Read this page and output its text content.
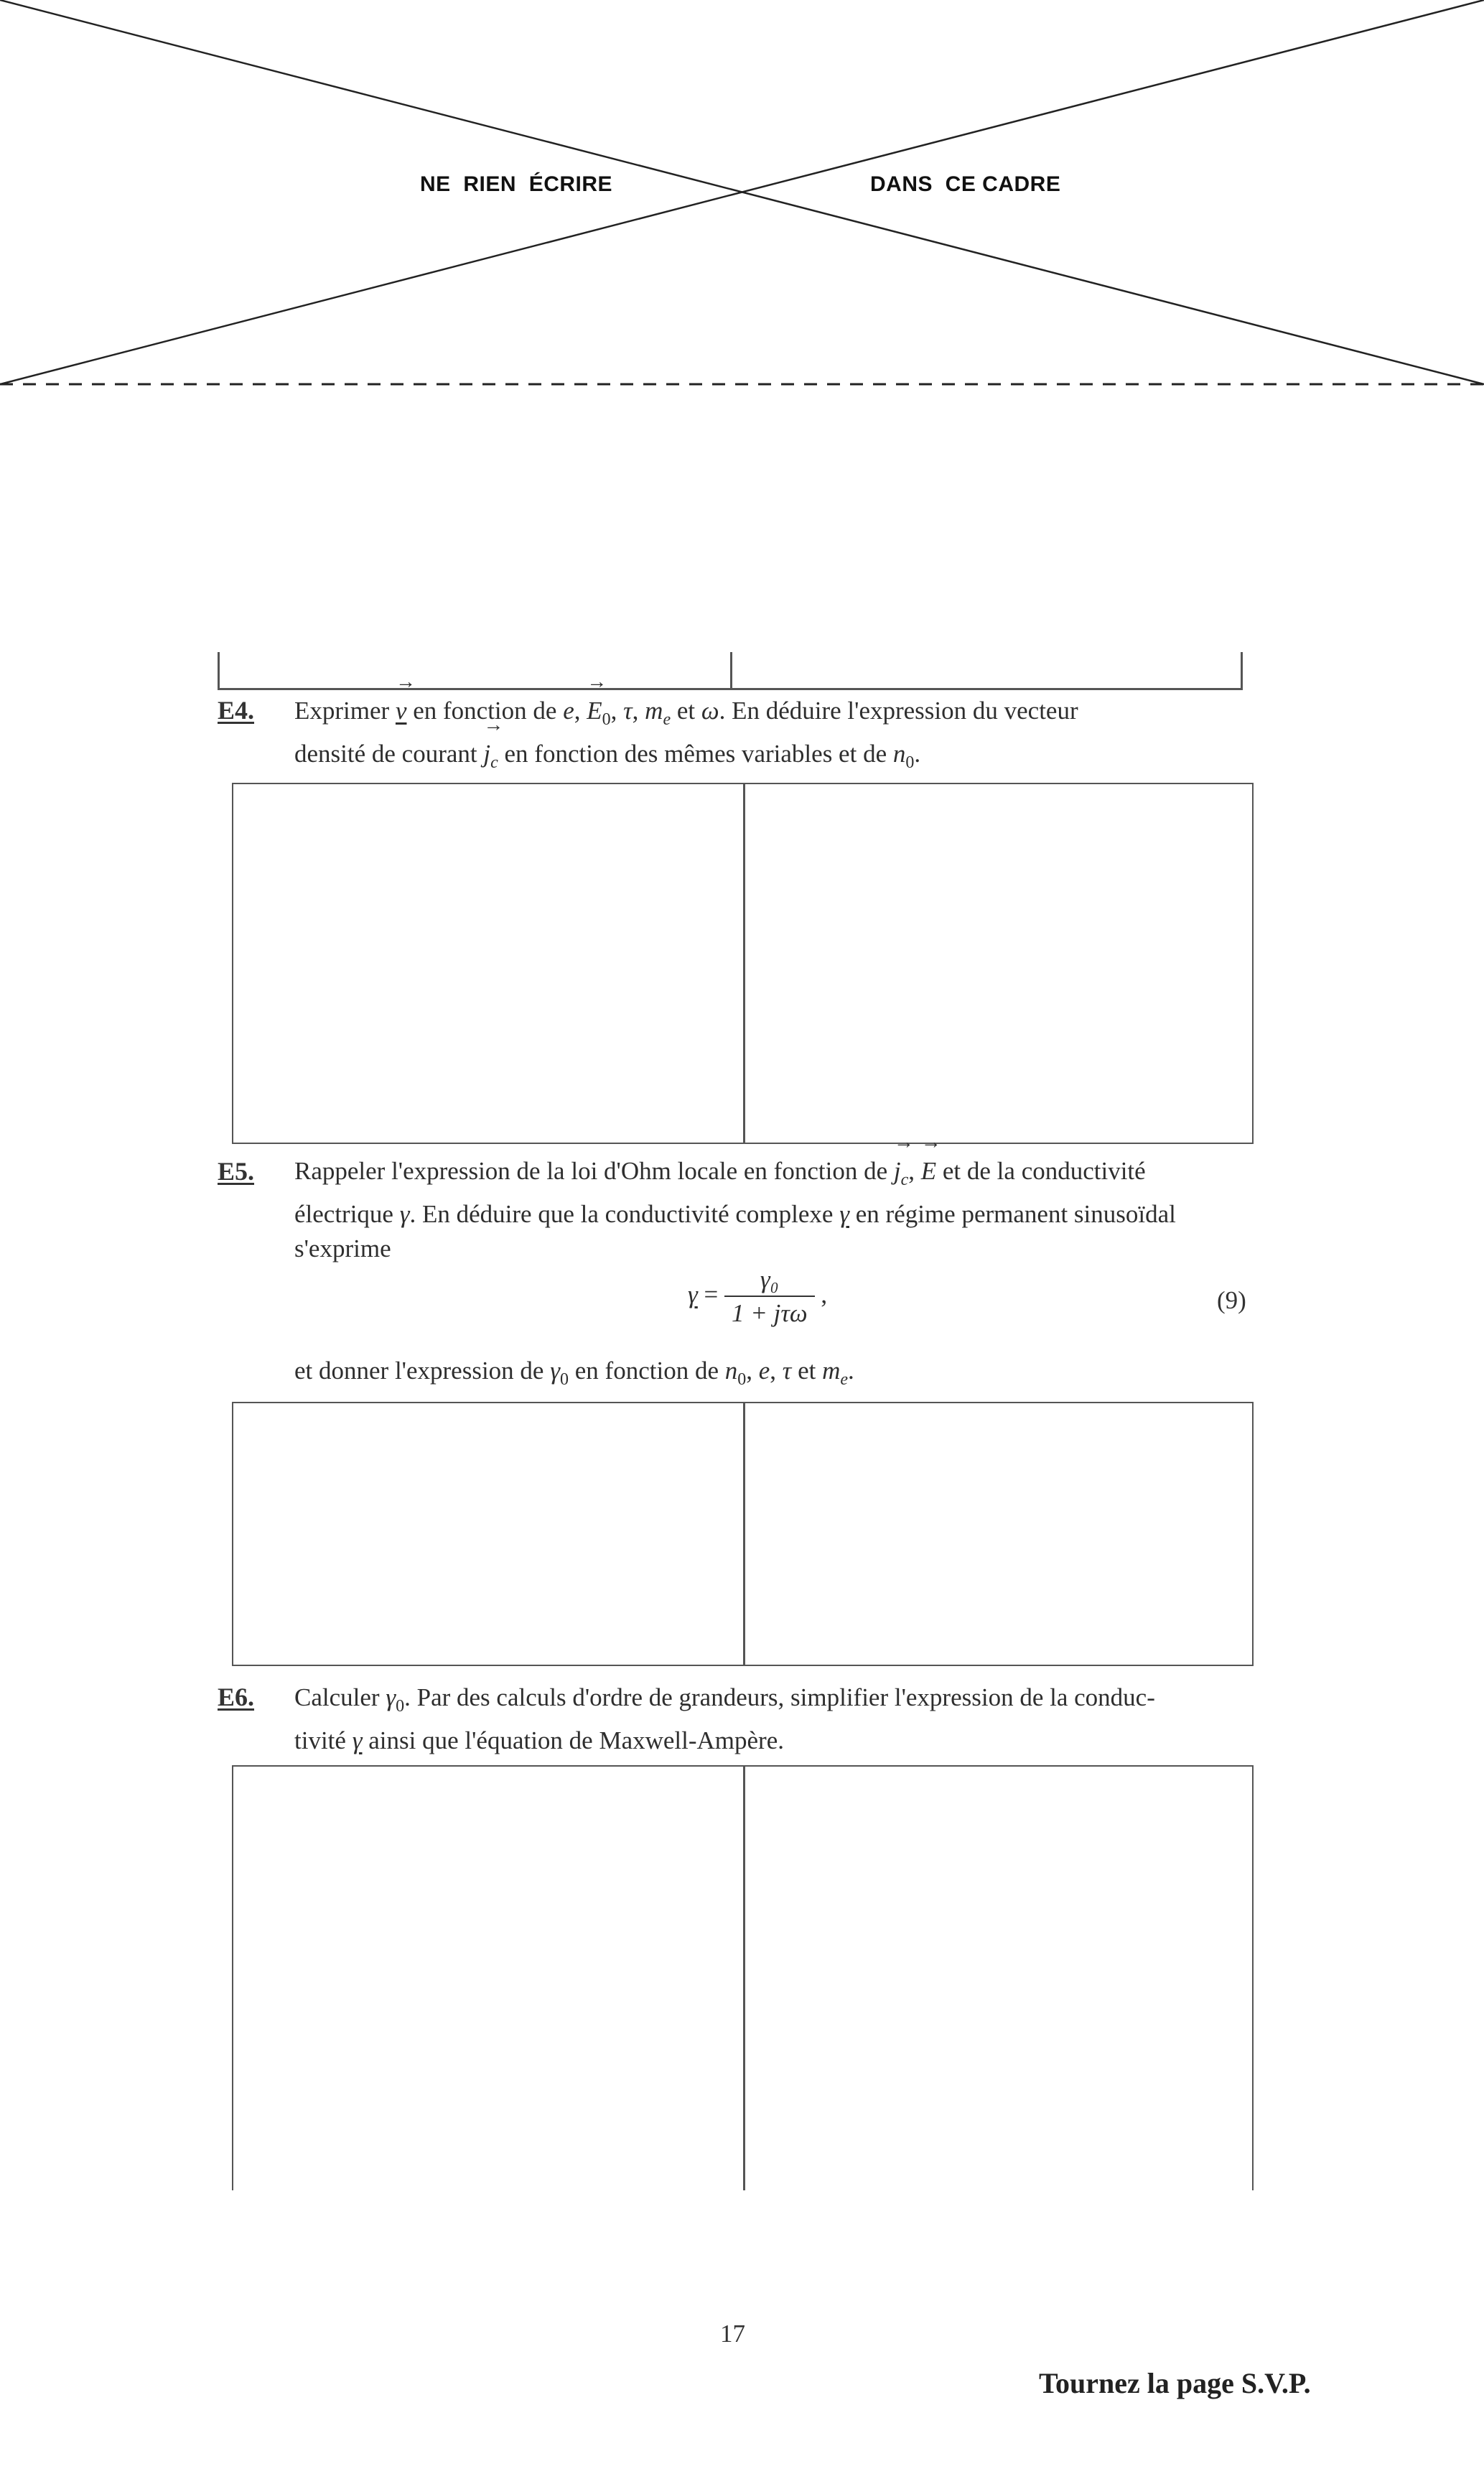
NE  RIEN  ÉCRIRE	DANS  CE CADRE
E4. Exprimer → v en fonction de e, → $E_0$, τ, $m_e$ et ω. En déduire l'expression du vecteur
densité de courant → $j_c$ en fonction des mêmes variables et de $n_0$.
E5. Rappeler l'expression de la loi d'Ohm locale en fonction de → $j_c$, → E et de la conductivité
électrique γ. En déduire que la conductivité complexe γ en régime permanent sinusoïdal
s'exprime
$\gamma = \frac{\text{γ₀}}{\text{1 + jτω}}$ ,	(9)
et donner l'expression de $\gamma_0$ en fonction de $n_0$, e, τ et $m_e$.
E6. Calculer $\gamma_0$. Par des calculs d'ordre de grandeurs, simplifier l'expression de la conduc-
tivité γ ainsi que l'équation de Maxwell-Ampère.
17
Tournez la page S.V.P.
